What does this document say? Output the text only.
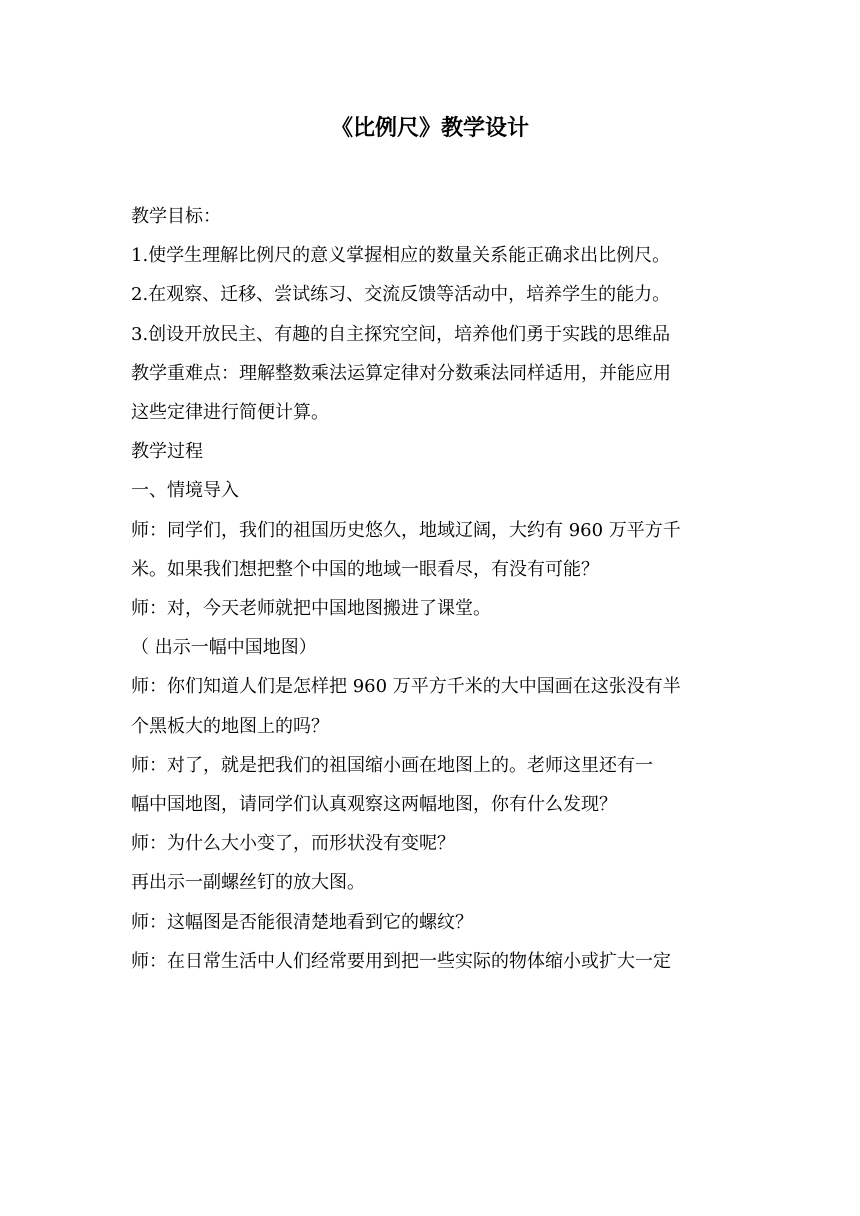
《比例尺》教学设计

教学目标：

1.使学生理解比例尺的意义掌握相应的数量关系能正确求出比例尺。

2.在观察、迁移、尝试练习、交流反馈等活动中，培养学生的能力。

3.创设开放民主、有趣的自主探究空间，培养他们勇于实践的思维品

教学重难点：理解整数乘法运算定律对分数乘法同样适用，并能应用

这些定律进行简便计算。

教学过程

一、情境导入

师：同学们，我们的祖国历史悠久，地域辽阔，大约有 960 万平方千

米。如果我们想把整个中国的地域一眼看尽，有没有可能？

师：对，今天老师就把中国地图搬进了课堂。

（ 出示一幅中国地图）

师：你们知道人们是怎样把 960 万平方千米的大中国画在这张没有半

个黑板大的地图上的吗？

师：对了，就是把我们的祖国缩小画在地图上的。老师这里还有一

幅中国地图，请同学们认真观察这两幅地图，你有什么发现？

师：为什么大小变了，而形状没有变呢？

再出示一副螺丝钉的放大图。

师：这幅图是否能很清楚地看到它的螺纹？

师：在日常生活中人们经常要用到把一些实际的物体缩小或扩大一定
